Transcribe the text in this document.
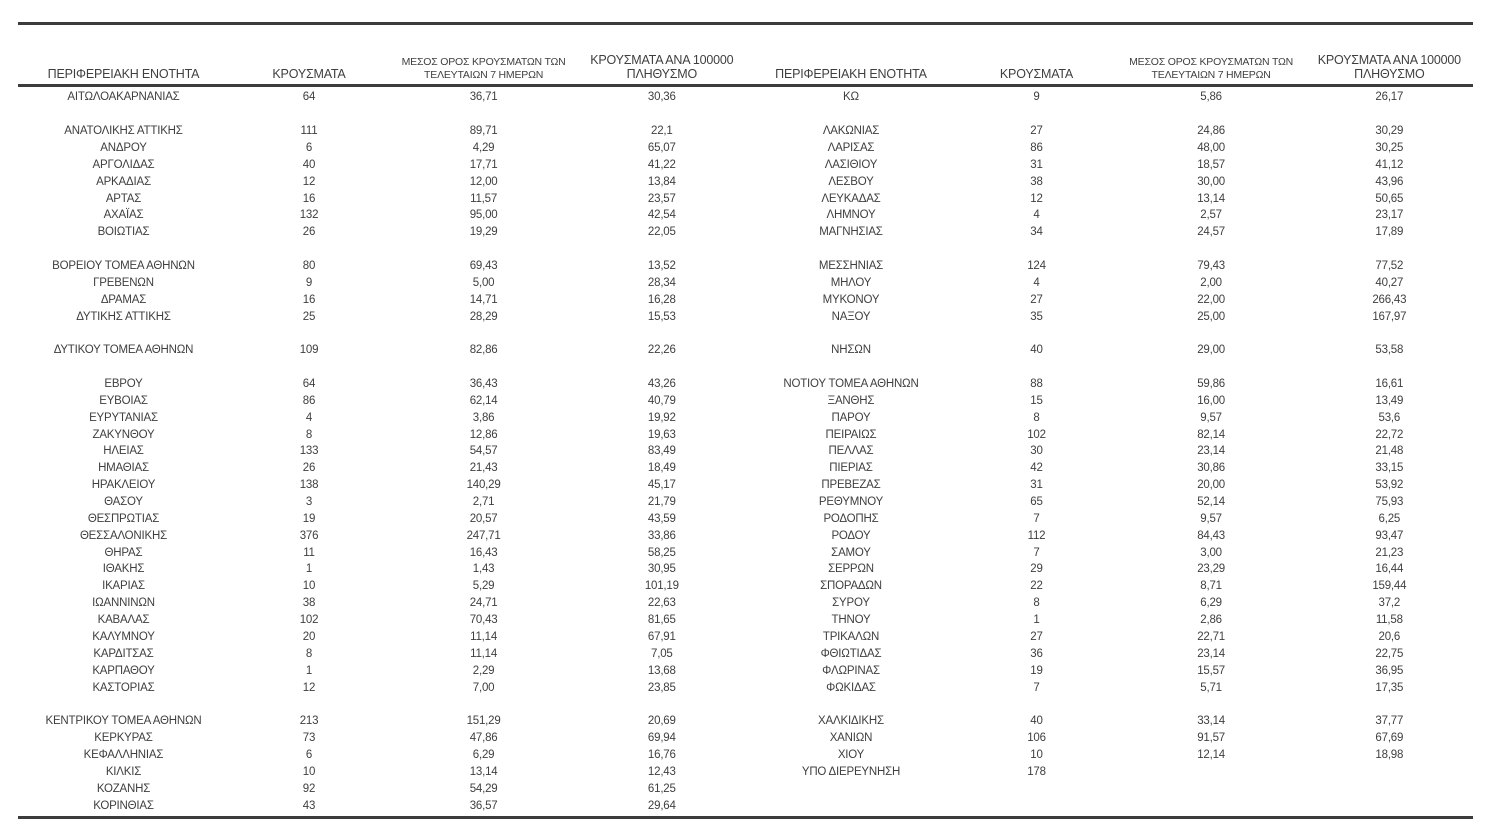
ΠΕΡΙΦΕΡΕΙΑΚΗ ΕΝΟΤΗΤΑ	ΚΡΟΥΣΜΑΤΑ
ΜΕΣΟΣ ΟΡΟΣ ΚΡΟΥΣΜΑΤΩΝ ΤΩΝ
ΤΕΛΕΥΤΑΙΩΝ 7 ΗΜΕΡΩΝ
ΚΡΟΥΣΜΑΤΑ ΑΝΑ 100000
ΠΛΗΘΥΣΜΟ	ΠΕΡΙΦΕΡΕΙΑΚΗ ΕΝΟΤΗΤΑ	ΚΡΟΥΣΜΑΤΑ
ΜΕΣΟΣ ΟΡΟΣ ΚΡΟΥΣΜΑΤΩΝ ΤΩΝ
ΤΕΛΕΥΤΑΙΩΝ 7 ΗΜΕΡΩΝ
ΚΡΟΥΣΜΑΤΑ ΑΝΑ 100000
ΠΛΗΘΥΣΜΟ
ΑΙΤΩΛΟΑΚΑΡΝΑΝΙΑΣ	64	36,71	30,36
ΑΝΑΤΟΛΙΚΗΣ ΑΤΤΙΚΗΣ	111	89,71	22,1
ΑΝΔΡΟΥ	6	4,29	65,07
ΑΡΓΟΛΙΔΑΣ	40	17,71	41,22
ΑΡΚΑΔΙΑΣ	12	12,00	13,84
ΑΡΤΑΣ	16	11,57	23,57
ΑΧΑΪΑΣ	132	95,00	42,54
ΒΟΙΩΤΙΑΣ	26	19,29	22,05
ΒΟΡΕΙΟΥ ΤΟΜΕΑ ΑΘΗΝΩΝ	80	69,43	13,52
ΓΡΕΒΕΝΩΝ	9	5,00	28,34
ΔΡΑΜΑΣ	16	14,71	16,28
ΔΥΤΙΚΗΣ ΑΤΤΙΚΗΣ	25	28,29	15,53
ΔΥΤΙΚΟΥ ΤΟΜΕΑ ΑΘΗΝΩΝ	109	82,86	22,26
ΕΒΡΟΥ	64	36,43	43,26
ΕΥΒΟΙΑΣ	86	62,14	40,79
ΕΥΡΥΤΑΝΙΑΣ	4	3,86	19,92
ΖΑΚΥΝΘΟΥ	8	12,86	19,63
ΗΛΕΙΑΣ	133	54,57	83,49
ΗΜΑΘΙΑΣ	26	21,43	18,49
ΗΡΑΚΛΕΙΟΥ	138	140,29	45,17
ΘΑΣΟΥ	3	2,71	21,79
ΘΕΣΠΡΩΤΙΑΣ	19	20,57	43,59
ΘΕΣΣΑΛΟΝΙΚΗΣ	376	247,71	33,86
ΘΗΡΑΣ	11	16,43	58,25
ΙΘΑΚΗΣ	1	1,43	30,95
ΙΚΑΡΙΑΣ	10	5,29	101,19
ΙΩΑΝΝΙΝΩΝ	38	24,71	22,63
ΚΑΒΑΛΑΣ	102	70,43	81,65
ΚΑΛΥΜΝΟΥ	20	11,14	67,91
ΚΑΡΔΙΤΣΑΣ	8	11,14	7,05
ΚΑΡΠΑΘΟΥ	1	2,29	13,68
ΚΑΣΤΟΡΙΑΣ	12	7,00	23,85
ΚΕΝΤΡΙΚΟΥ ΤΟΜΕΑ ΑΘΗΝΩΝ	213	151,29	20,69
ΚΕΡΚΥΡΑΣ	73	47,86	69,94
ΚΕΦΑΛΛΗΝΙΑΣ	6	6,29	16,76
ΚΙΛΚΙΣ	10	13,14	12,43
ΚΟΖΑΝΗΣ	92	54,29	61,25
ΚΟΡΙΝΘΙΑΣ	43	36,57	29,64
ΚΩ	9	5,86	26,17
ΛΑΚΩΝΙΑΣ	27	24,86	30,29
ΛΑΡΙΣΑΣ	86	48,00	30,25
ΛΑΣΙΘΙΟΥ	31	18,57	41,12
ΛΕΣΒΟΥ	38	30,00	43,96
ΛΕΥΚΑΔΑΣ	12	13,14	50,65
ΛΗΜΝΟΥ	4	2,57	23,17
ΜΑΓΝΗΣΙΑΣ	34	24,57	17,89
ΜΕΣΣΗΝΙΑΣ	124	79,43	77,52
ΜΗΛΟΥ	4	2,00	40,27
ΜΥΚΟΝΟΥ	27	22,00	266,43
ΝΑΞΟΥ	35	25,00	167,97
ΝΗΣΩΝ	40	29,00	53,58
ΝΟΤΙΟΥ ΤΟΜΕΑ ΑΘΗΝΩΝ	88	59,86	16,61
ΞΑΝΘΗΣ	15	16,00	13,49
ΠΑΡΟΥ	8	9,57	53,6
ΠΕΙΡΑΙΩΣ	102	82,14	22,72
ΠΕΛΛΑΣ	30	23,14	21,48
ΠΙΕΡΙΑΣ	42	30,86	33,15
ΠΡΕΒΕΖΑΣ	31	20,00	53,92
ΡΕΘΥΜΝΟΥ	65	52,14	75,93
ΡΟΔΟΠΗΣ	7	9,57	6,25
ΡΟΔΟΥ	112	84,43	93,47
ΣΑΜΟΥ	7	3,00	21,23
ΣΕΡΡΩΝ	29	23,29	16,44
ΣΠΟΡΑΔΩΝ	22	8,71	159,44
ΣΥΡΟΥ	8	6,29	37,2
ΤΗΝΟΥ	1	2,86	11,58
ΤΡΙΚΑΛΩΝ	27	22,71	20,6
ΦΘΙΩΤΙΔΑΣ	36	23,14	22,75
ΦΛΩΡΙΝΑΣ	19	15,57	36,95
ΦΩΚΙΔΑΣ	7	5,71	17,35
ΧΑΛΚΙΔΙΚΗΣ	40	33,14	37,77
ΧΑΝΙΩΝ	106	91,57	67,69
ΧΙΟΥ	10	12,14	18,98
ΥΠΟ ΔΙΕΡΕΥΝΗΣΗ	178
